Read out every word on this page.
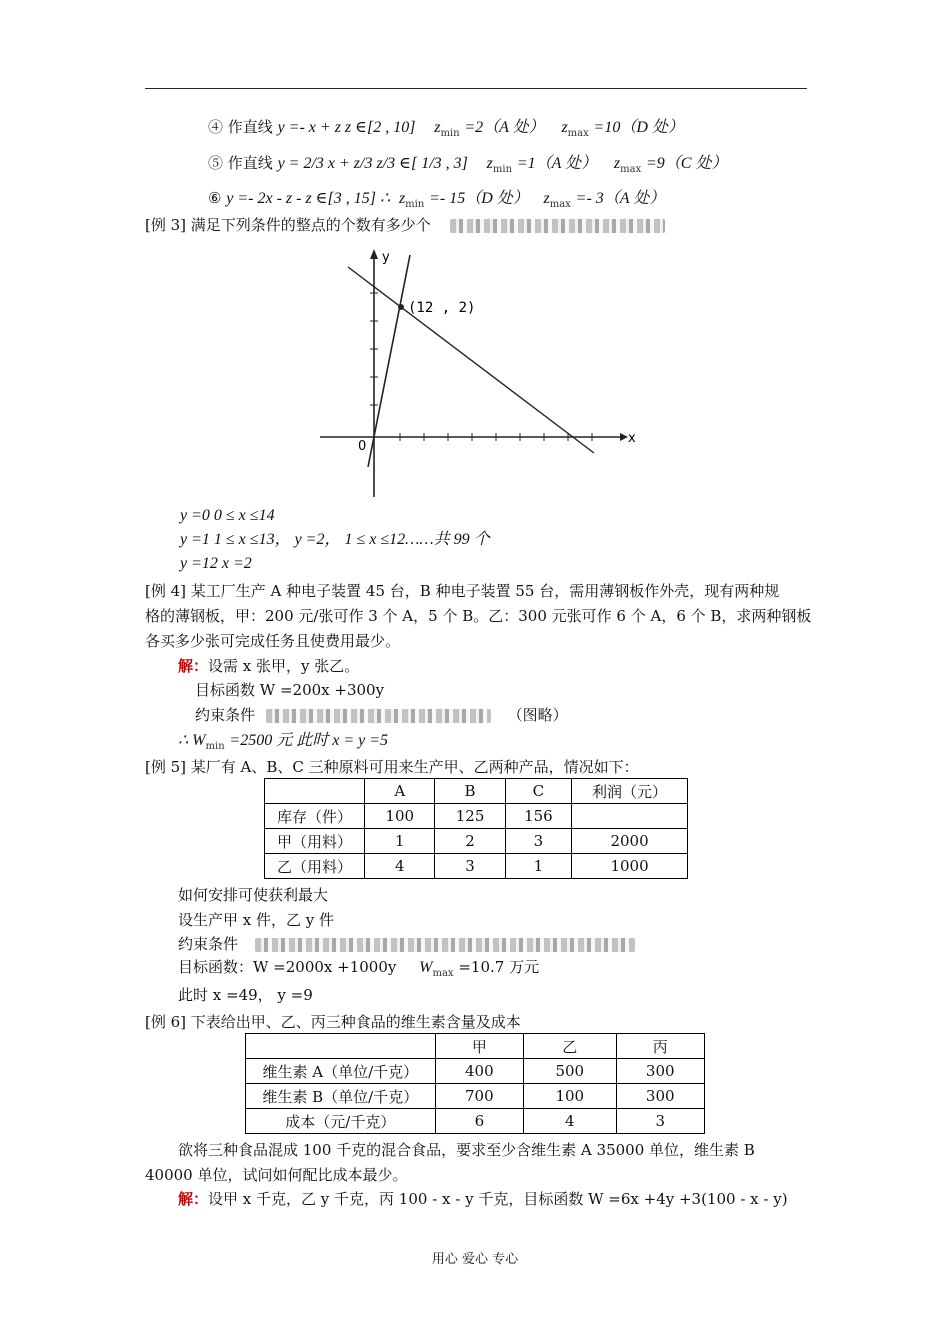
④ 作直线 y =- x + z z ∈[2 , 10] $z_{min} =2(A$ 处） $z_{max} =10(D$ 处）
⑤ 作直线 y = 2/3 x + z/3 z/3 ∈[ 1/3 , 3] $z_{min} =1(A$ 处） $z_{max} =9(C$ 处）
⑥ y =- 2x - z - z ∈[3 , 15] ∴ $z_{min} =- 15(D$ 处） $z_{max} =- 3(A$ 处）
[例 3] 满足下列条件的整点的个数有多少个
(12 , 2)
x
y
0
y =0 0 ≤ x ≤14
y =1 1 ≤ x ≤13， y =2， 1 ≤ x ≤12……共 99 个
y =12 x =2
[例 4] 某工厂生产 A 种电子装置 45 台，B 种电子装置 55 台，需用薄钢板作外壳，现有两种规
格的薄钢板，甲：200 元/张可作 3 个 A，5 个 B。乙：300 元张可作 6 个 A，6 个 B，求两种钢板
各买多少张可完成任务且使费用最少。
解：设需 x 张甲，y 张乙。
目标函数 W =200x +300y
约束条件	（图略）
∴ $W_{min} =2500$ 元 此时 x = y =5
[例 5] 某厂有 A、B、C 三种原料可用来生产甲、乙两种产品，情况如下：
	A	B	C	利润（元）
库存（件）	100	125	156	
甲（用料）	1	2	3	2000
乙（用料）	4	3	1	1000
如何安排可使获利最大
设生产甲 x 件，乙 y 件
约束条件
目标函数：W =2000x +1000y $W_{max} =10.7$ 万元
此时 x =49， y =9
[例 6] 下表给出甲、乙、丙三种食品的维生素含量及成本
	甲	乙	丙
维生素 A（单位/千克）	400	500	300
维生素 B（单位/千克）	700	100	300
成本（元/千克）	6	4	3
欲将三种食品混成 100 千克的混合食品，要求至少含维生素 A 35000 单位，维生素 B
40000 单位，试问如何配比成本最少。
解：设甲 x 千克，乙 y 千克，丙 100 - x - y 千克，目标函数 W =6x +4y +3(100 - x - y)
用心 爱心 专心
